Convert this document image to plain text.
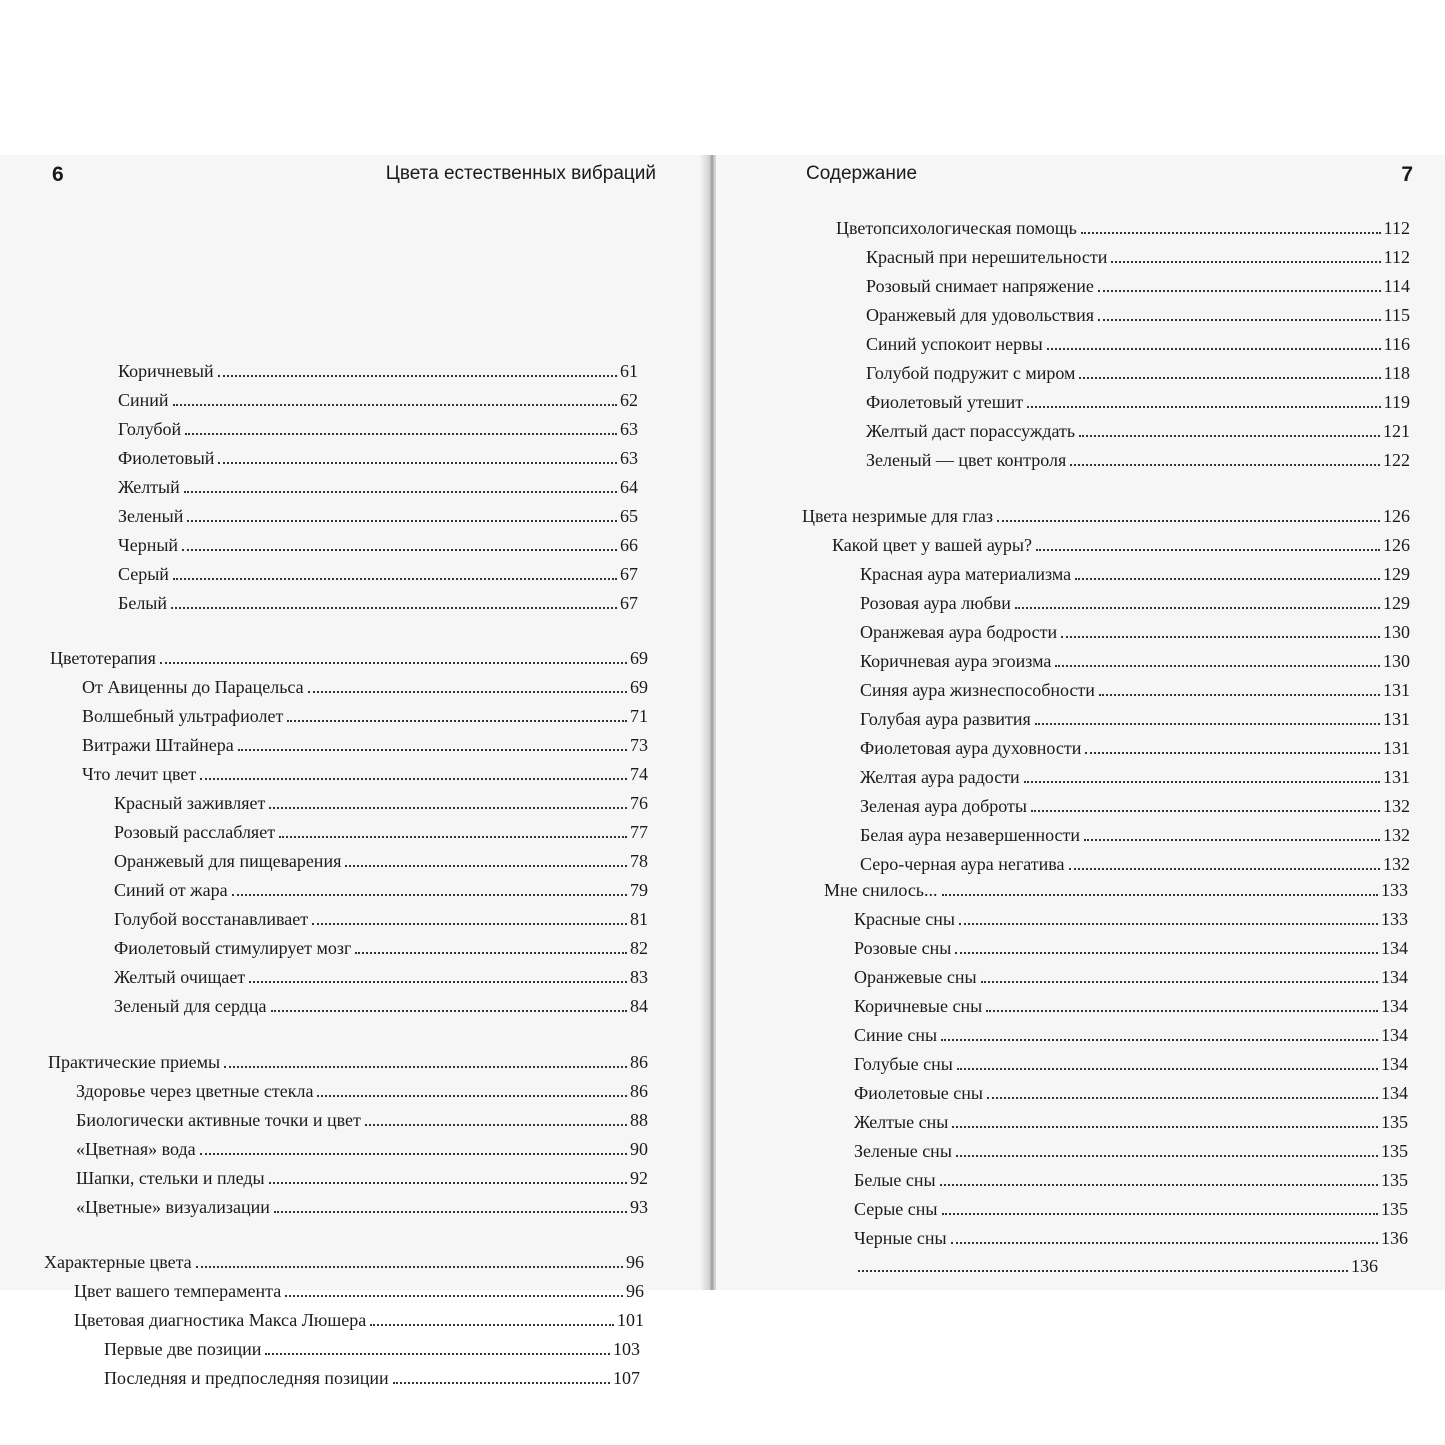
6	Цвета естественных вибраций
Коричневый	61
Синий	62
Голубой	63
Фиолетовый	63
Желтый	64
Зеленый	65
Черный	66
Серый	67
Белый	67
Цветотерапия	69
От Авиценны до Парацельса	69
Волшебный ультрафиолет	71
Витражи Штайнера	73
Что лечит цвет	74
Красный заживляет	76
Розовый расслабляет	77
Оранжевый для пищеварения	78
Синий от жара	79
Голубой восстанавливает	81
Фиолетовый стимулирует мозг	82
Желтый очищает	83
Зеленый для сердца	84
Практические приемы	86
Здоровье через цветные стекла	86
Биологически активные точки и цвет	88
«Цветная» вода	90
Шапки, стельки и пледы	92
«Цветные» визуализации	93
Характерные цвета	96
Цвет вашего темперамента	96
Цветовая диагностика Макса Люшера	101
Первые две позиции	103
Последняя и предпоследняя позиции	107
Содержание	7
Цветопсихологическая помощь	112
Красный при нерешительности	112
Розовый снимает напряжение	114
Оранжевый для удовольствия	115
Синий успокоит нервы	116
Голубой подружит с миром	118
Фиолетовый утешит	119
Желтый даст порассуждать	121
Зеленый — цвет контроля	122
Цвета незримые для глаз	126
Какой цвет у вашей ауры?	126
Красная аура материализма	129
Розовая аура любви	129
Оранжевая аура бодрости	130
Коричневая аура эгоизма	130
Синяя аура жизнеспособности	131
Голубая аура развития	131
Фиолетовая аура духовности	131
Желтая аура радости	131
Зеленая аура доброты	132
Белая аура незавершенности	132
Серо-черная аура негатива	132
Мне снилось...	133
Красные сны	133
Розовые сны	134
Оранжевые сны	134
Коричневые сны	134
Синие сны	134
Голубые сны	134
Фиолетовые сны	134
Желтые сны	135
Зеленые сны	135
Белые сны	135
Серые сны	135
Черные сны	136
136
